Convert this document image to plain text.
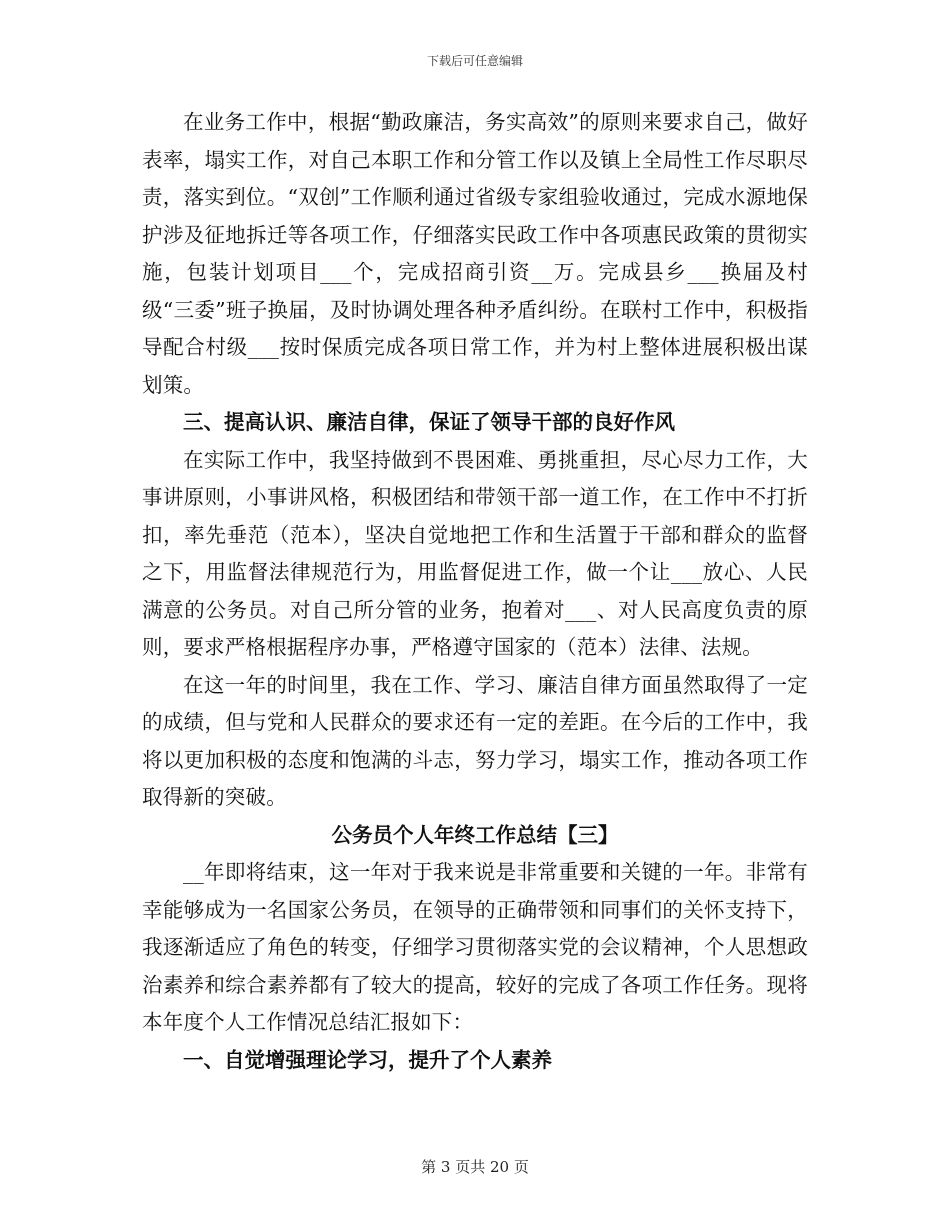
下载后可任意编辑

在业务工作中，根据“勤政廉洁，务实高效”的原则来要求自己，做好表率，塌实工作，对自己本职工作和分管工作以及镇上全局性工作尽职尽责，落实到位。“双创”工作顺利通过省级专家组验收通过，完成水源地保护涉及征地拆迁等各项工作，仔细落实民政工作中各项惠民政策的贯彻实施，包装计划项目___个，完成招商引资__万。完成县乡___换届及村级“三委”班子换届，及时协调处理各种矛盾纠纷。在联村工作中，积极指导配合村级___按时保质完成各项日常工作，并为村上整体进展积极出谋划策。

三、提高认识、廉洁自律，保证了领导干部的良好作风

在实际工作中，我坚持做到不畏困难、勇挑重担，尽心尽力工作，大事讲原则，小事讲风格，积极团结和带领干部一道工作，在工作中不打折扣，率先垂范（范本），坚决自觉地把工作和生活置于干部和群众的监督之下，用监督法律规范行为，用监督促进工作，做一个让___放心、人民满意的公务员。对自己所分管的业务，抱着对___、对人民高度负责的原则，要求严格根据程序办事，严格遵守国家的（范本）法律、法规。

在这一年的时间里，我在工作、学习、廉洁自律方面虽然取得了一定的成绩，但与党和人民群众的要求还有一定的差距。在今后的工作中，我将以更加积极的态度和饱满的斗志，努力学习，塌实工作，推动各项工作取得新的突破。

公务员个人年终工作总结【三】

__年即将结束，这一年对于我来说是非常重要和关键的一年。非常有幸能够成为一名国家公务员，在领导的正确带领和同事们的关怀支持下，我逐渐适应了角色的转变，仔细学习贯彻落实党的会议精神，个人思想政治素养和综合素养都有了较大的提高，较好的完成了各项工作任务。现将本年度个人工作情况总结汇报如下：

一、自觉增强理论学习，提升了个人素养

第 3 页共 20 页
